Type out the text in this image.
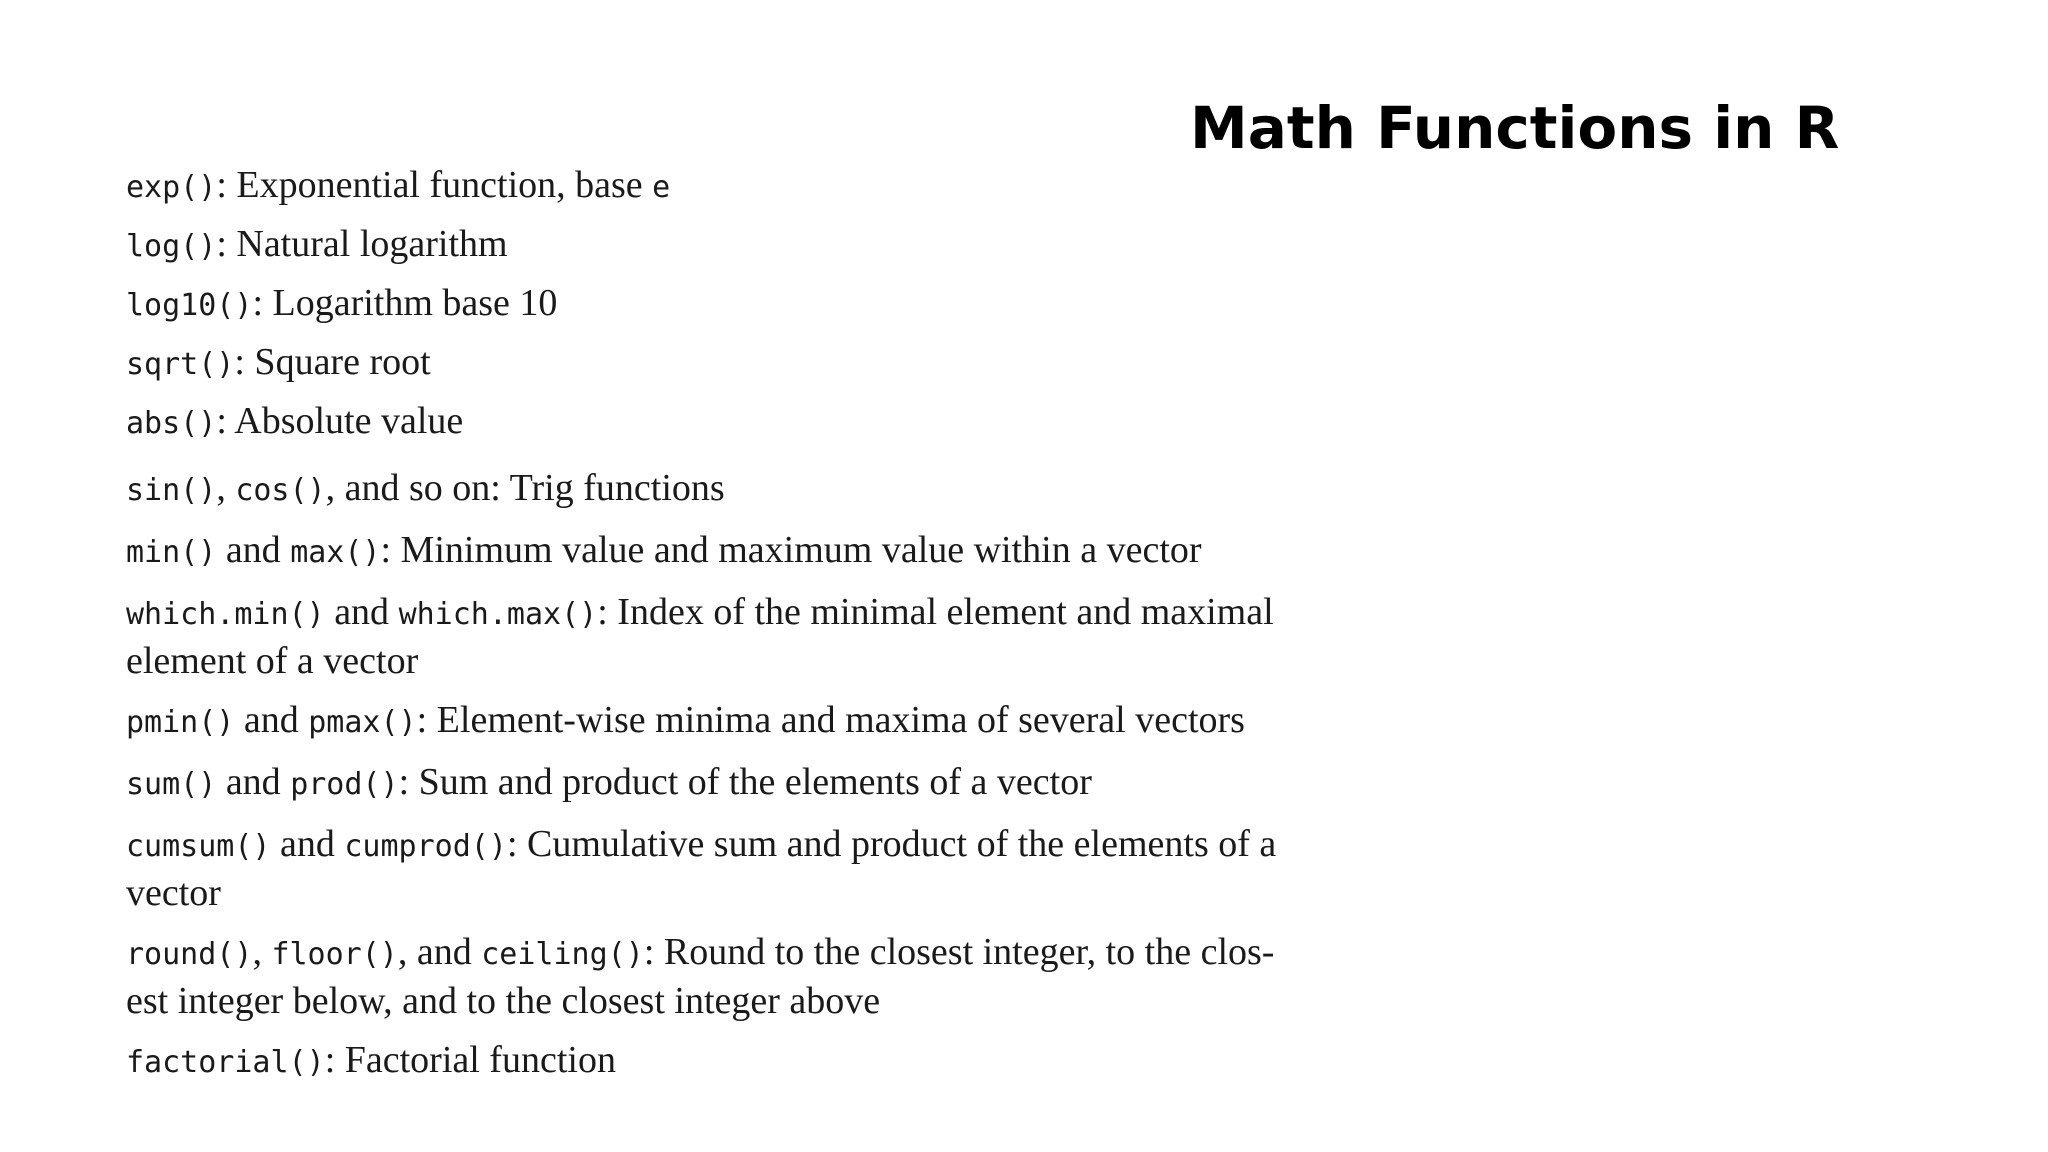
Math Functions in R
exp(): Exponential function, base e
log(): Natural logarithm
log10(): Logarithm base 10
sqrt(): Square root
abs(): Absolute value
sin(), cos(), and so on: Trig functions
min() and max(): Minimum value and maximum value within a vector
which.min() and which.max(): Index of the minimal element and maximal
element of a vector
pmin() and pmax(): Element-wise minima and maxima of several vectors
sum() and prod(): Sum and product of the elements of a vector
cumsum() and cumprod(): Cumulative sum and product of the elements of a
vector
round(), floor(), and ceiling(): Round to the closest integer, to the clos-
est integer below, and to the closest integer above
factorial(): Factorial function
